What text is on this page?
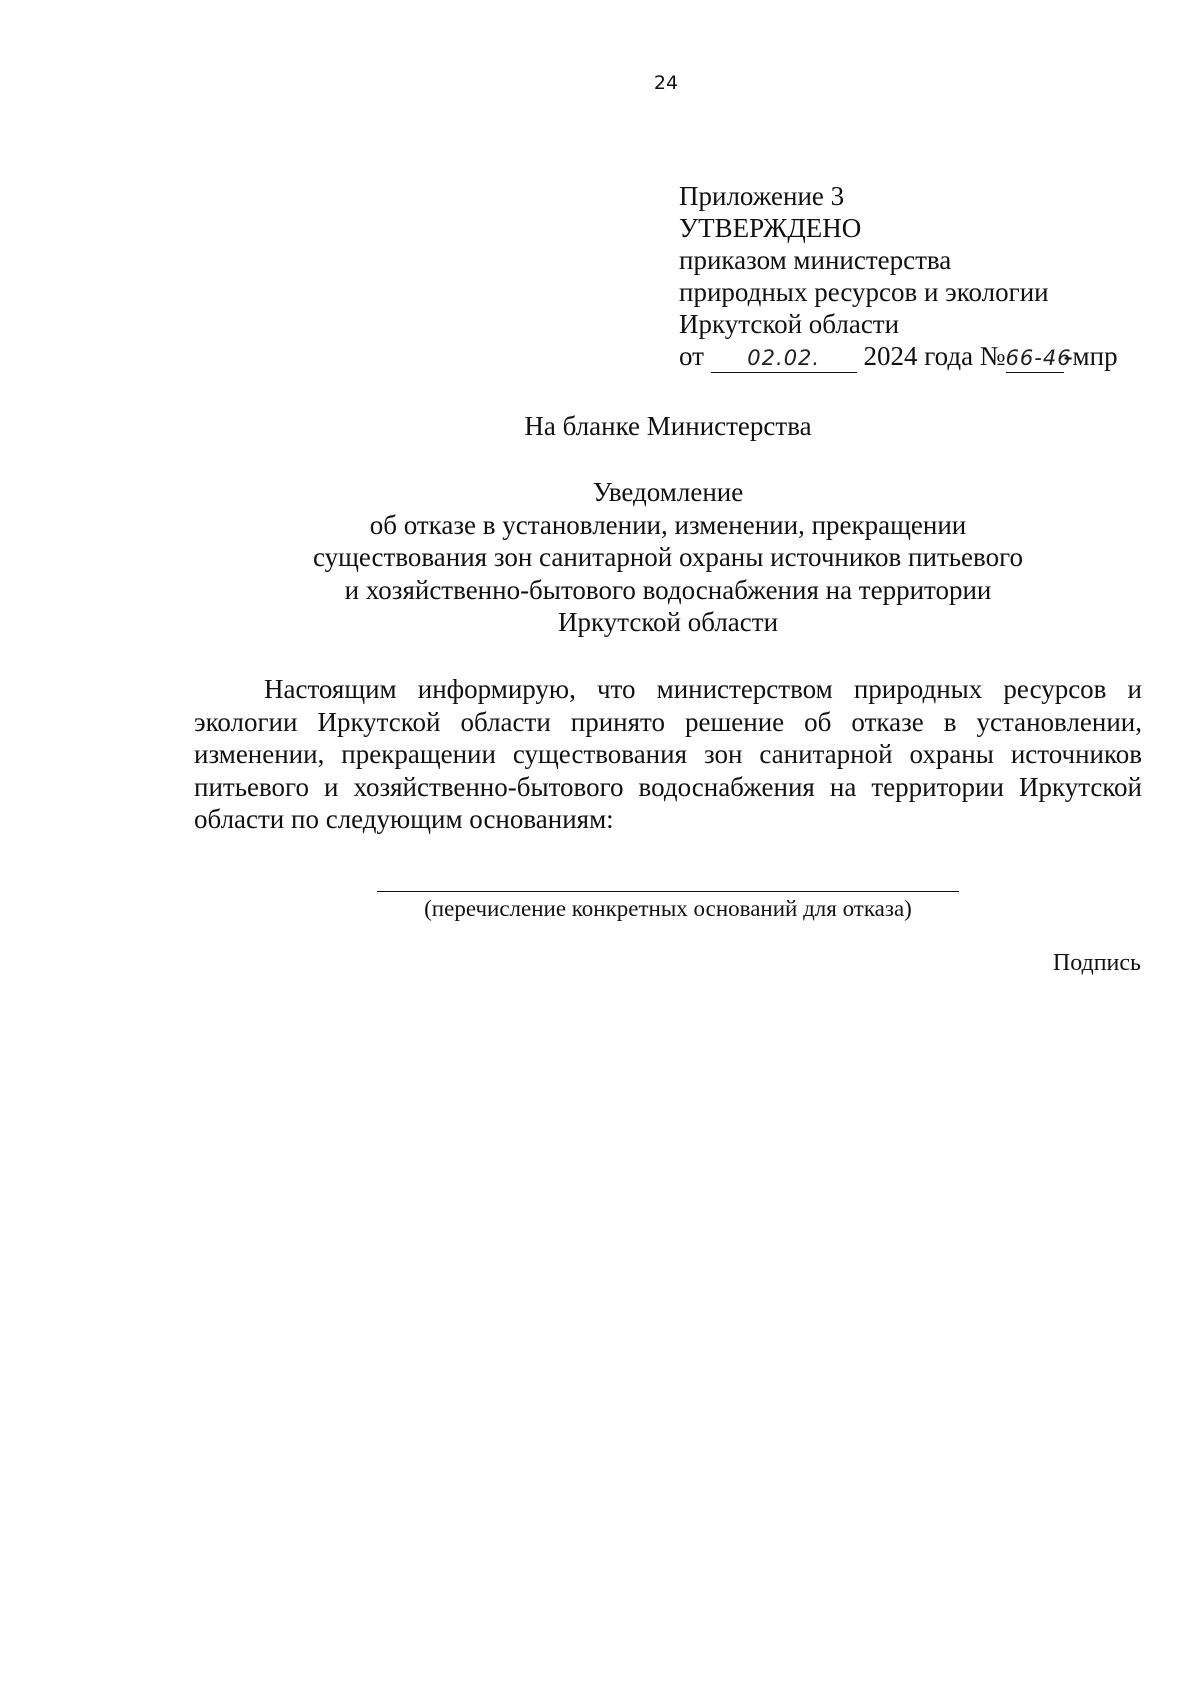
24
Приложение 3
УТВЕРЖДЕНО
приказом министерства
природных ресурсов и экологии
Иркутской области
от 02.02. 2024 года №66-46-мпр
На бланке Министерства
Уведомление
об отказе в установлении, изменении, прекращении
существования зон санитарной охраны источников питьевого
и хозяйственно-бытового водоснабжения на территории
Иркутской области

Настоящим информирую, что министерством природных ресурсов и экологии Иркутской области принято решение об отказе в установлении, изменении, прекращении существования зон санитарной охраны источников питьевого и хозяйственно-бытового водоснабжения на территории Иркутской области по следующим основаниям:

(перечисление конкретных оснований для отказа)
Подпись
